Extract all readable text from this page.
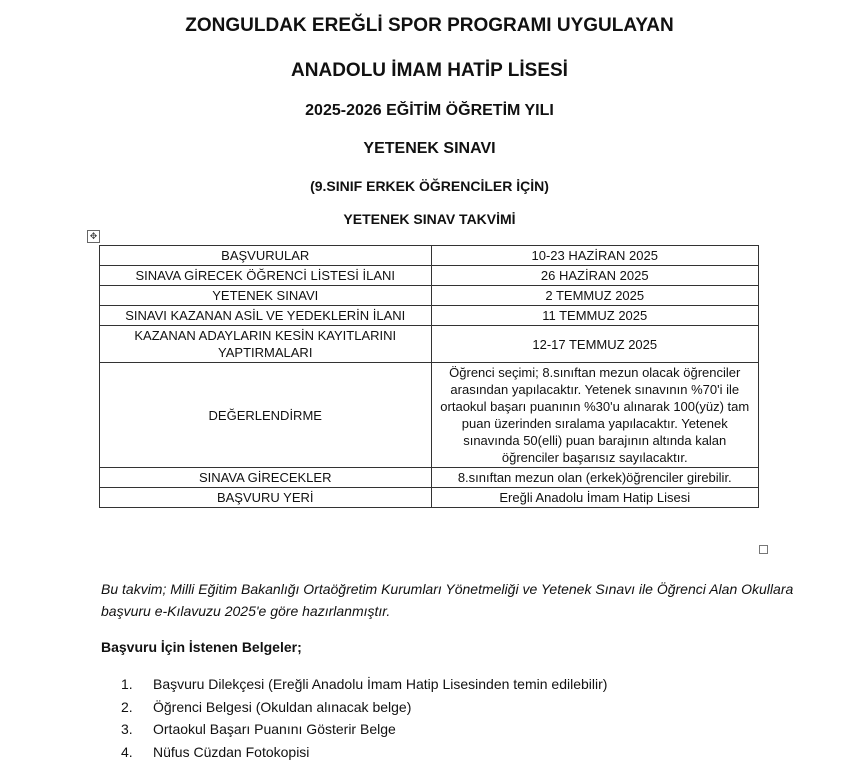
ZONGULDAK EREĞLİ SPOR PROGRAMI UYGULAYAN
ANADOLU İMAM HATİP LİSESİ
2025-2026 EĞİTİM ÖĞRETİM YILI
YETENEK SINAVI
(9.SINIF ERKEK ÖĞRENCİLER İÇİN)
YETENEK SINAV TAKVİMİ
✥
BAŞVURULAR	10-23 HAZİRAN 2025
SINAVA GİRECEK ÖĞRENCİ LİSTESİ İLANI	26 HAZİRAN 2025
YETENEK SINAVI	2 TEMMUZ 2025
SINAVI KAZANAN ASİL VE YEDEKLERİN İLANI	11 TEMMUZ 2025
KAZANAN ADAYLARIN KESİN KAYITLARINI YAPTIRMALARI	12-17 TEMMUZ 2025
DEĞERLENDİRME	Öğrenci seçimi; 8.sınıftan mezun olacak öğrenciler arasından yapılacaktır. Yetenek sınavının %70'i ile ortaokul başarı puanının %30'u alınarak 100(yüz) tam puan üzerinden sıralama yapılacaktır. Yetenek sınavında 50(elli) puan barajının altında kalan öğrenciler başarısız sayılacaktır.
SINAVA GİRECEKLER	8.sınıftan mezun olan (erkek)öğrenciler girebilir.
BAŞVURU YERİ	Ereğli Anadolu İmam Hatip Lisesi
Bu takvim; Milli Eğitim Bakanlığı Ortaöğretim Kurumları Yönetmeliği ve Yetenek Sınavı ile Öğrenci Alan Okullara başvuru e-Kılavuzu 2025'e göre hazırlanmıştır.
Başvuru İçin İstenen Belgeler;
1. Başvuru Dilekçesi (Ereğli Anadolu İmam Hatip Lisesinden temin edilebilir)
2. Öğrenci Belgesi (Okuldan alınacak belge)
3. Ortaokul Başarı Puanını Gösterir Belge
4. Nüfus Cüzdan Fotokopisi
